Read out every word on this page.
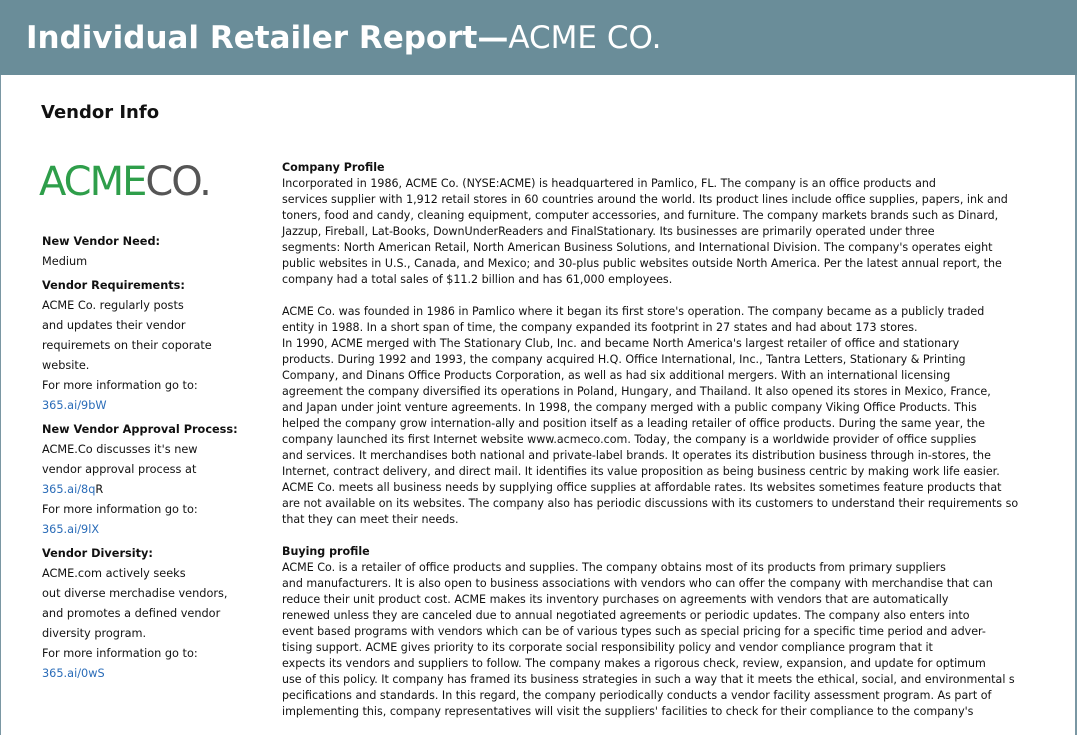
Individual Retailer Report—ACME CO.
Vendor Info
ACMECO.
New Vendor Need:
Medium
Vendor Requirements:
ACME Co. regularly posts
and updates their vendor
requiremets on their coporate
website.
For more information go to:
365.ai/9bW
New Vendor Approval Process:
ACME.Co discusses it's new
vendor approval process at
365.ai/8qR
For more information go to:
365.ai/9lX
Vendor Diversity:
ACME.com actively seeks
out diverse merchadise vendors,
and promotes a defined vendor
diversity program.
For more information go to:
365.ai/0wS
Company Profile
Incorporated in 1986, ACME Co. (NYSE:ACME) is headquartered in Pamlico, FL. The company is an office products and
services supplier with 1,912 retail stores in 60 countries around the world. Its product lines include office supplies, papers, ink and
toners, food and candy, cleaning equipment, computer accessories, and furniture. The company markets brands such as Dinard,
Jazzup, Fireball, Lat-Books, DownUnderReaders and FinalStationary. Its businesses are primarily operated under three
segments: North American Retail, North American Business Solutions, and International Division. The company's operates eight
public websites in U.S., Canada, and Mexico; and 30-plus public websites outside North America. Per the latest annual report, the
company had a total sales of $11.2 billion and has 61,000 employees.
ACME Co. was founded in 1986 in Pamlico where it began its first store's operation. The company became as a publicly traded
entity in 1988. In a short span of time, the company expanded its footprint in 27 states and had about 173 stores.
In 1990, ACME merged with The Stationary Club, Inc. and became North America's largest retailer of office and stationary
products. During 1992 and 1993, the company acquired H.Q. Office International, Inc., Tantra Letters, Stationary & Printing
Company, and Dinans Office Products Corporation, as well as had six additional mergers. With an international licensing
agreement the company diversified its operations in Poland, Hungary, and Thailand. It also opened its stores in Mexico, France,
and Japan under joint venture agreements. In 1998, the company merged with a public company Viking Office Products. This
helped the company grow internation-ally and position itself as a leading retailer of office products. During the same year, the
company launched its first Internet website www.acmeco.com. Today, the company is a worldwide provider of office supplies
and services. It merchandises both national and private-label brands. It operates its distribution business through in-stores, the
Internet, contract delivery, and direct mail. It identifies its value proposition as being business centric by making work life easier.
ACME Co. meets all business needs by supplying office supplies at affordable rates. Its websites sometimes feature products that
are not available on its websites. The company also has periodic discussions with its customers to understand their requirements so
that they can meet their needs.
Buying profile
ACME Co. is a retailer of office products and supplies. The company obtains most of its products from primary suppliers
and manufacturers. It is also open to business associations with vendors who can offer the company with merchandise that can
reduce their unit product cost. ACME makes its inventory purchases on agreements with vendors that are automatically
renewed unless they are canceled due to annual negotiated agreements or periodic updates. The company also enters into
event based programs with vendors which can be of various types such as special pricing for a specific time period and adver-
tising support. ACME gives priority to its corporate social responsibility policy and vendor compliance program that it
expects its vendors and suppliers to follow. The company makes a rigorous check, review, expansion, and update for optimum
use of this policy. It company has framed its business strategies in such a way that it meets the ethical, social, and environmental s
pecifications and standards. In this regard, the company periodically conducts a vendor facility assessment program. As part of
implementing this, company representatives will visit the suppliers' facilities to check for their compliance to the company's
